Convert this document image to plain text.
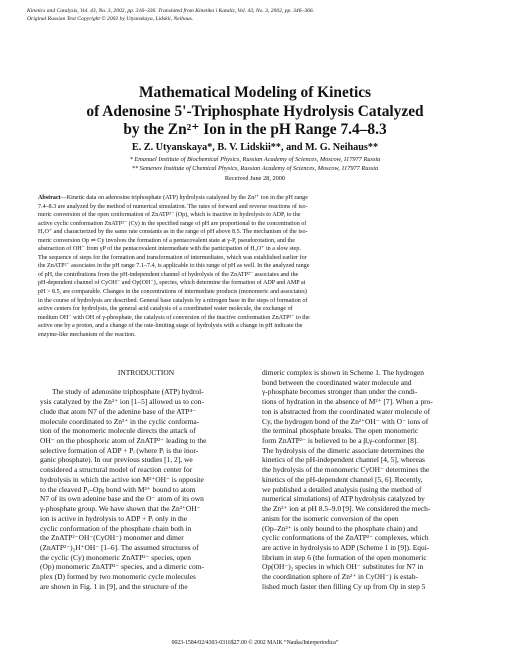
Kinetics and Catalysis, Vol. 43, No. 3, 2002, pp. 316–336. Translated from Kinetika i Kataliz, Vol. 43, No. 3, 2002, pp. 346–366.
Original Russian Text Copyright © 2002 by Utyanskaya, Lidskii, Neihaus.
Mathematical Modeling of Kinetics
of Adenosine 5'-Triphosphate Hydrolysis Catalyzed
by the Zn²⁺ Ion in the pH Range 7.4–8.3
E. Z. Utyanskaya*, B. V. Lidskii**, and M. G. Neihaus**
* Emanuel Institute of Biochemical Physics, Russian Academy of Sciences, Moscow, 117977 Russia
** Semenov Institute of Chemical Physics, Russian Academy of Sciences, Moscow, 117977 Russia
Received June 28, 2000
Abstract—Kinetic data on adenosine triphosphate (ATP) hydrolysis catalyzed by the Zn²⁺ ion in the pH range
7.4–8.3 are analyzed by the method of numerical simulation. The rates of forward and reverse reactions of iso-
meric conversion of the open conformation of ZnATP²⁻ (Op), which is inactive in hydrolysis to ADP, to the
active cyclic conformation ZnATP²⁻ (Cy) in the specified range of pH are proportional to the concentration of
H₃O⁺ and characterized by the same rate constants as in the range of pH above 8.5. The mechanism of the iso-
meric conversion Op ⇌ Cy involves the formation of a pentacovalent state at γ-P, pseudorotation, and the
abstraction of OH⁻ from γP of the pentacovalent intermediate with the participation of H₃O⁺ in a slow step.
The sequence of steps for the formation and transformation of intermediates, which was established earlier for
the ZnATP²⁻ associates in the pH range 7.1–7.4, is applicable to this range of pH as well. In the analyzed range
of pH, the contributions from the pH-independent channel of hydrolysis of the ZnATP²⁻ associates and the
pH-dependent channel of CyOH⁻ and Op(OH⁻)₂ species, which determine the formation of ADP and AMP at
pH > 8.5, are comparable. Changes in the concentrations of intermediate products (monomeric and associates)
in the course of hydrolysis are described. General base catalysis by a nitrogen base in the steps of formation of
active centers for hydrolysis, the general acid catalysis of a coordinated water molecule, the exchange of
medium OH⁻ with OH of γ-phosphate, the catalysis of conversion of the inactive conformation ZnATP²⁻ to the
active one by a proton, and a change of the rate-limiting stage of hydrolysis with a change in pH indicate the
enzyme-like mechanism of the reaction.
INTRODUCTION
The study of adenosine triphosphate (ATP) hydrol-
ysis catalyzed by the Zn²⁺ ion [1–5] allowed us to con-
clude that atom N7 of the adenine base of the ATP⁴⁻
molecule coordinated to Zn²⁺ in the cyclic conforma-
tion of the monomeric molecule directs the attack of
OH⁻ on the phosphoric atom of ZnATP²⁻ leading to the
selective formation of ADP + Pᵢ (where Pᵢ is the inor-
ganic phosphate). In our previous studies [1, 2], we
considered a structural model of reaction center for
hydrolysis in which the active ion M²⁺OH⁻ is opposite
to the cleaved Pᵧ–Opᵦ bond with M²⁺ bound to atom
N7 of its own adenine base and the O⁻ atom of its own
γ-phosphate group. We have shown that the Zn²⁺OH⁻
ion is active in hydrolysis to ADP + Pᵢ only in the
cyclic conformation of the phosphate chain both in
the ZnATP²⁻OH⁻(CyOH⁻) monomer and dimer
(ZnATP²⁻)₂H⁺OH⁻ [1–6]. The assumed structures of
the cyclic (Cy) monomeric ZnATP²⁻ species, open
(Op) monomeric ZnATP²⁻ species, and a dimeric com-
plex (D) formed by two monomeric cycle molecules
are shown in Fig. 1 in [9], and the structure of the
dimeric complex is shown in Scheme 1. The hydrogen
bond between the coordinated water molecule and
γ-phosphate becomes stronger than under the condi-
tions of hydration in the absence of M²⁺ [7]. When a pro-
ton is abstracted from the coordinated water molecule of
Cy, the hydrogen bond of the Zn²⁺OH⁻ with O⁻ ions of
the terminal phosphate breaks. The open monomeric
form ZnATP²⁻ is believed to be a β,γ-conformer [8].
The hydrolysis of the dimeric associate determines the
kinetics of the pH-independent channel [4, 5], whereas
the hydrolysis of the monomeric CyOH⁻ determines the
kinetics of the pH-dependent channel [5, 6]. Recently,
we published a detailed analysis (using the method of
numerical simulations) of ATP hydrolysis catalyzed by
the Zn²⁺ ion at pH 8.5–9.0 [9]. We considered the mech-
anism for the isomeric conversion of the open
(Op–Zn²⁺ is only bound to the phosphate chain) and
cyclic conformations of the ZnATP²⁻ complexes, which
are active in hydrolysis to ADP (Scheme 1 in [9]). Equi-
librium in step 6 (the formation of the open monomeric
Op(OH⁻)₂ species in which OH⁻ substitutes for N7 in
the coordination sphere of Zn²⁺ in CyOH⁻) is estab-
lished much faster then filling Cy up from Op in step 5
0023-1584/02/4303-0316$27.00 © 2002 MAIK “Nauka/Interperiodica”
